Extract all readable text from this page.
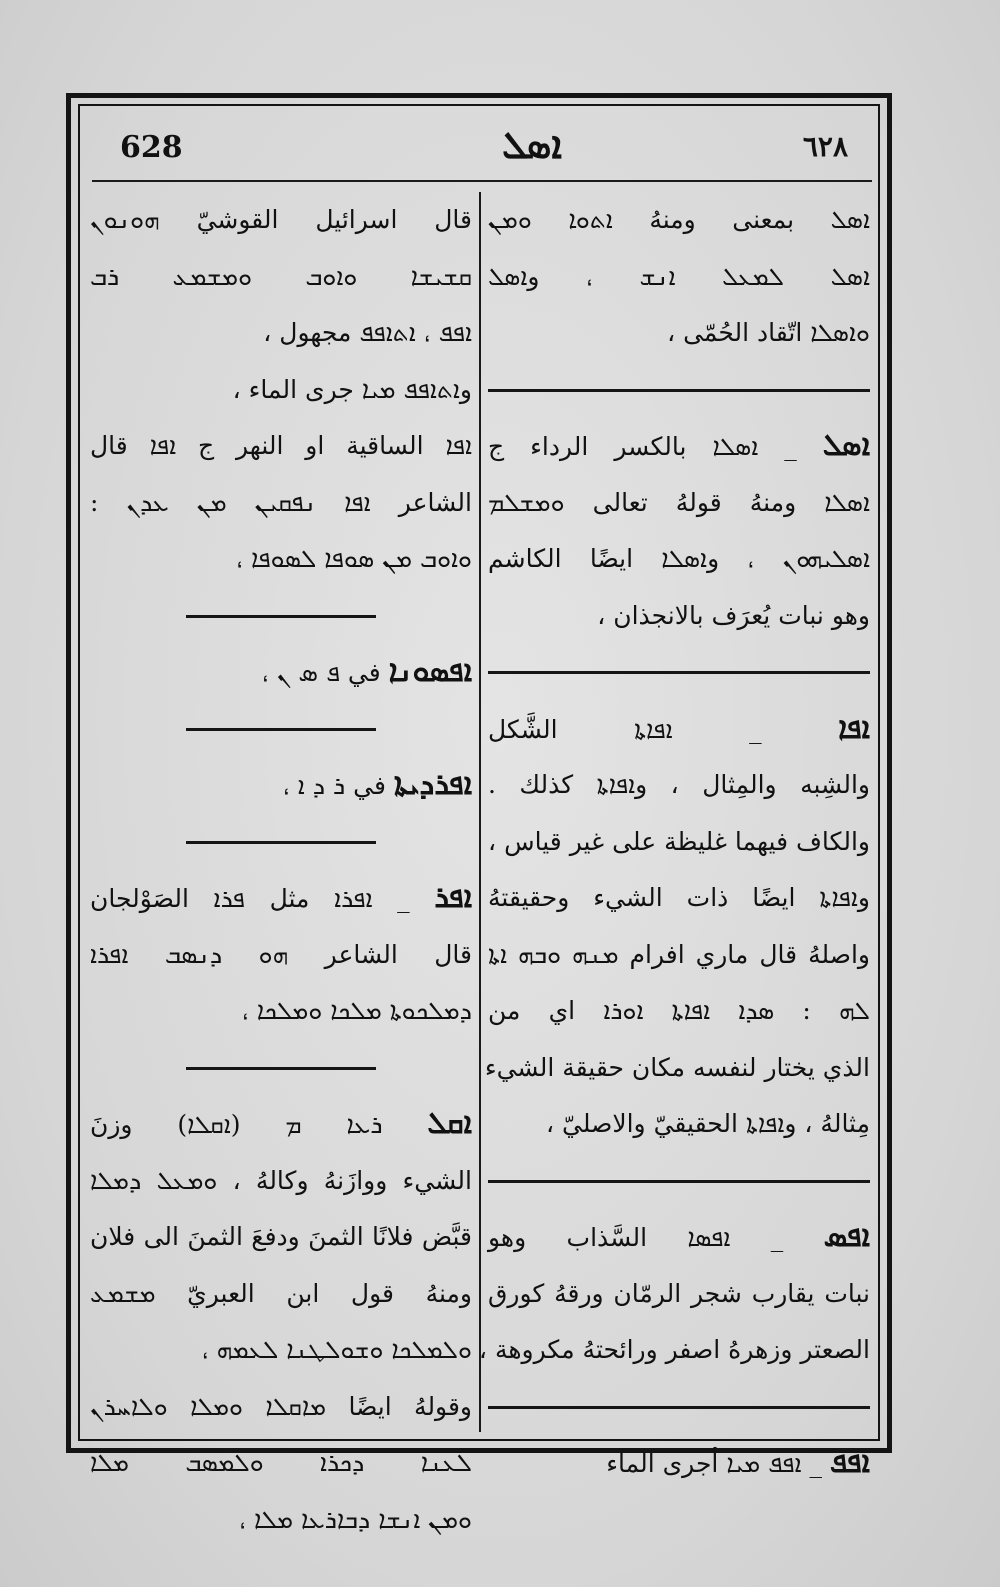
628	ܐܣܠ	٦٢٨
ܐܣܠ بمعنى ومنهُ ܐܬܘܐ ܘܡܢ
ܐܣܠ ܠܡܥܠ ܐܢܫ ، وܐܣܠ
ܘܐܣܠܐ اتّقاد الحُمّى ،
ܐܣܠ _ ܐܣܠܐ بالكسر الرداء ج
ܐܣܠܐ ومنهُ قولهُ تعالى ܘܡܫܠܡ
ܐܣܠܝܗܘܢ ، وܐܣܠܐ ايضًا الكاشم
وهو نبات يُعرَف بالانجذان ،
ܐܦܐ _ ܐܦܐܬܐ الشَّكل
والشِبه والمِثال ، وܐܦܐܬܐ كذلك .
والكاف فيهما غليظة على غير قياس ،
وܐܦܐܬܐ ايضًا ذات الشيء وحقيقتهُ
واصلهُ قال ماري افرام ܡܢܗ ܘܒܗ ܐܬܐ
ܠܗ : ܣܕܐ ܐܦܐܬܐ ܐܘܪܐ اي من
الذي يختار لنفسه مكان حقيقة الشيء
مِثالهُ ، وܐܦܐܬܐ الحقيقيّ والاصليّ ،
ܐܦܣ _ ܐܦܣܐ السَّذاب وهو
نبات يقارب شجر الرمّان ورقهُ كورق
الصعتر وزهرهُ اصفر ورائحتهُ مكروهة ،
ܐܦܦ _ ܐܦܦ ܡܝܐ أجرى الماء
قال اسرائيل القوشيّ ܗܘܢܘܢ
ܩܫܝܫܐ ܘܐܘܒ ܘܡܫܡܥ ܪܒ
ܐܦܦ ، ܐܬܐܦܦ مجهول ،
وܐܬܐܦܦ ܡܝܐ جرى الماء ،
ܐܦܐ الساقية او النهر ج ܐܦܐ قال
الشاعر ܐܦܐ ܢܦܩܝܢ ܡܢ ܥܕܢ :
ܘܐܘܒ ܡܢ ܣܘܦܐ ܠܣܘܦܐ ،
ܐܦܣܘܢܐ في ܦ ܣ ܢ ،
ܐܦܪܕܝܬܐ في ܪ ܕ ܐ ،
ܐܦܪ _ ܐܦܪܐ مثل ܦܪܐ الصَوْلجان
قال الشاعر ܗܘ ܕܢܣܒ ܐܦܪܐ
ܕܡܠܟܘܬܐ ܡܠܟܐ ܘܡܠܟܐ ،
ܐܩܠ ܪܥܐ ܡ (ܐܩܠܐ) وزنَ
الشيء ووازَنهُ وكالهُ ، ܘܡܥܠ ܕܡܠܐ
قبَّض فلانًا الثمنَ ودفعَ الثمنَ الى فلان
ومنهُ قول ابن العبريّ ܡܫܡܥ
ܘܠܡܠܟܐ ܘܫܘܠܛܢܐ ܠܥܡܗ ،
وقولهُ ايضًا ܡܐܩܠܐ ܘܡܠܐ ܘܠܐܚܪܢ
ܠܥܢܐ ܕܟܪܐ ܘܠܡܣܒ ܡܠܐ
ܘܡܢ ܐܢܫܐ ܕܒܐܪܥܐ ܡܠܐ ،
